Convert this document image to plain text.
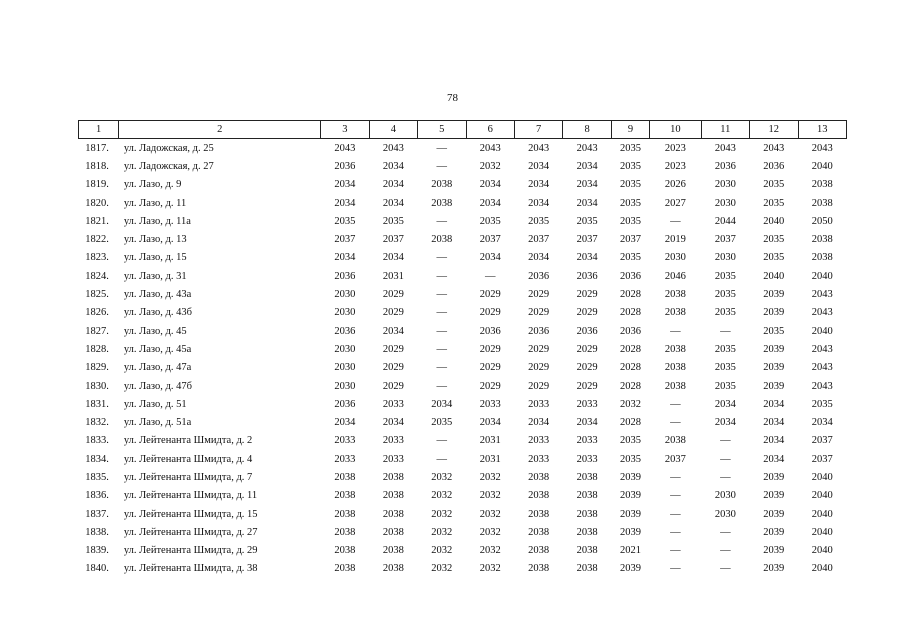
78
1	2	3	4	5	6	7	8	9	10	11	12	13
1817.	ул. Ладожская, д. 25	2043	2043	—	2043	2043	2043	2035	2023	2043	2043	2043
1818.	ул. Ладожская, д. 27	2036	2034	—	2032	2034	2034	2035	2023	2036	2036	2040
1819.	ул. Лазо, д. 9	2034	2034	2038	2034	2034	2034	2035	2026	2030	2035	2038
1820.	ул. Лазо, д. 11	2034	2034	2038	2034	2034	2034	2035	2027	2030	2035	2038
1821.	ул. Лазо, д. 11а	2035	2035	—	2035	2035	2035	2035	—	2044	2040	2050
1822.	ул. Лазо, д. 13	2037	2037	2038	2037	2037	2037	2037	2019	2037	2035	2038
1823.	ул. Лазо, д. 15	2034	2034	—	2034	2034	2034	2035	2030	2030	2035	2038
1824.	ул. Лазо, д. 31	2036	2031	—	—	2036	2036	2036	2046	2035	2040	2040
1825.	ул. Лазо, д. 43а	2030	2029	—	2029	2029	2029	2028	2038	2035	2039	2043
1826.	ул. Лазо, д. 43б	2030	2029	—	2029	2029	2029	2028	2038	2035	2039	2043
1827.	ул. Лазо, д. 45	2036	2034	—	2036	2036	2036	2036	—	—	2035	2040
1828.	ул. Лазо, д. 45а	2030	2029	—	2029	2029	2029	2028	2038	2035	2039	2043
1829.	ул. Лазо, д. 47а	2030	2029	—	2029	2029	2029	2028	2038	2035	2039	2043
1830.	ул. Лазо, д. 47б	2030	2029	—	2029	2029	2029	2028	2038	2035	2039	2043
1831.	ул. Лазо, д. 51	2036	2033	2034	2033	2033	2033	2032	—	2034	2034	2035
1832.	ул. Лазо, д. 51а	2034	2034	2035	2034	2034	2034	2028	—	2034	2034	2034
1833.	ул. Лейтенанта Шмидта, д. 2	2033	2033	—	2031	2033	2033	2035	2038	—	2034	2037
1834.	ул. Лейтенанта Шмидта, д. 4	2033	2033	—	2031	2033	2033	2035	2037	—	2034	2037
1835.	ул. Лейтенанта Шмидта, д. 7	2038	2038	2032	2032	2038	2038	2039	—	—	2039	2040
1836.	ул. Лейтенанта Шмидта, д. 11	2038	2038	2032	2032	2038	2038	2039	—	2030	2039	2040
1837.	ул. Лейтенанта Шмидта, д. 15	2038	2038	2032	2032	2038	2038	2039	—	2030	2039	2040
1838.	ул. Лейтенанта Шмидта, д. 27	2038	2038	2032	2032	2038	2038	2039	—	—	2039	2040
1839.	ул. Лейтенанта Шмидта, д. 29	2038	2038	2032	2032	2038	2038	2021	—	—	2039	2040
1840.	ул. Лейтенанта Шмидта, д. 38	2038	2038	2032	2032	2038	2038	2039	—	—	2039	2040
